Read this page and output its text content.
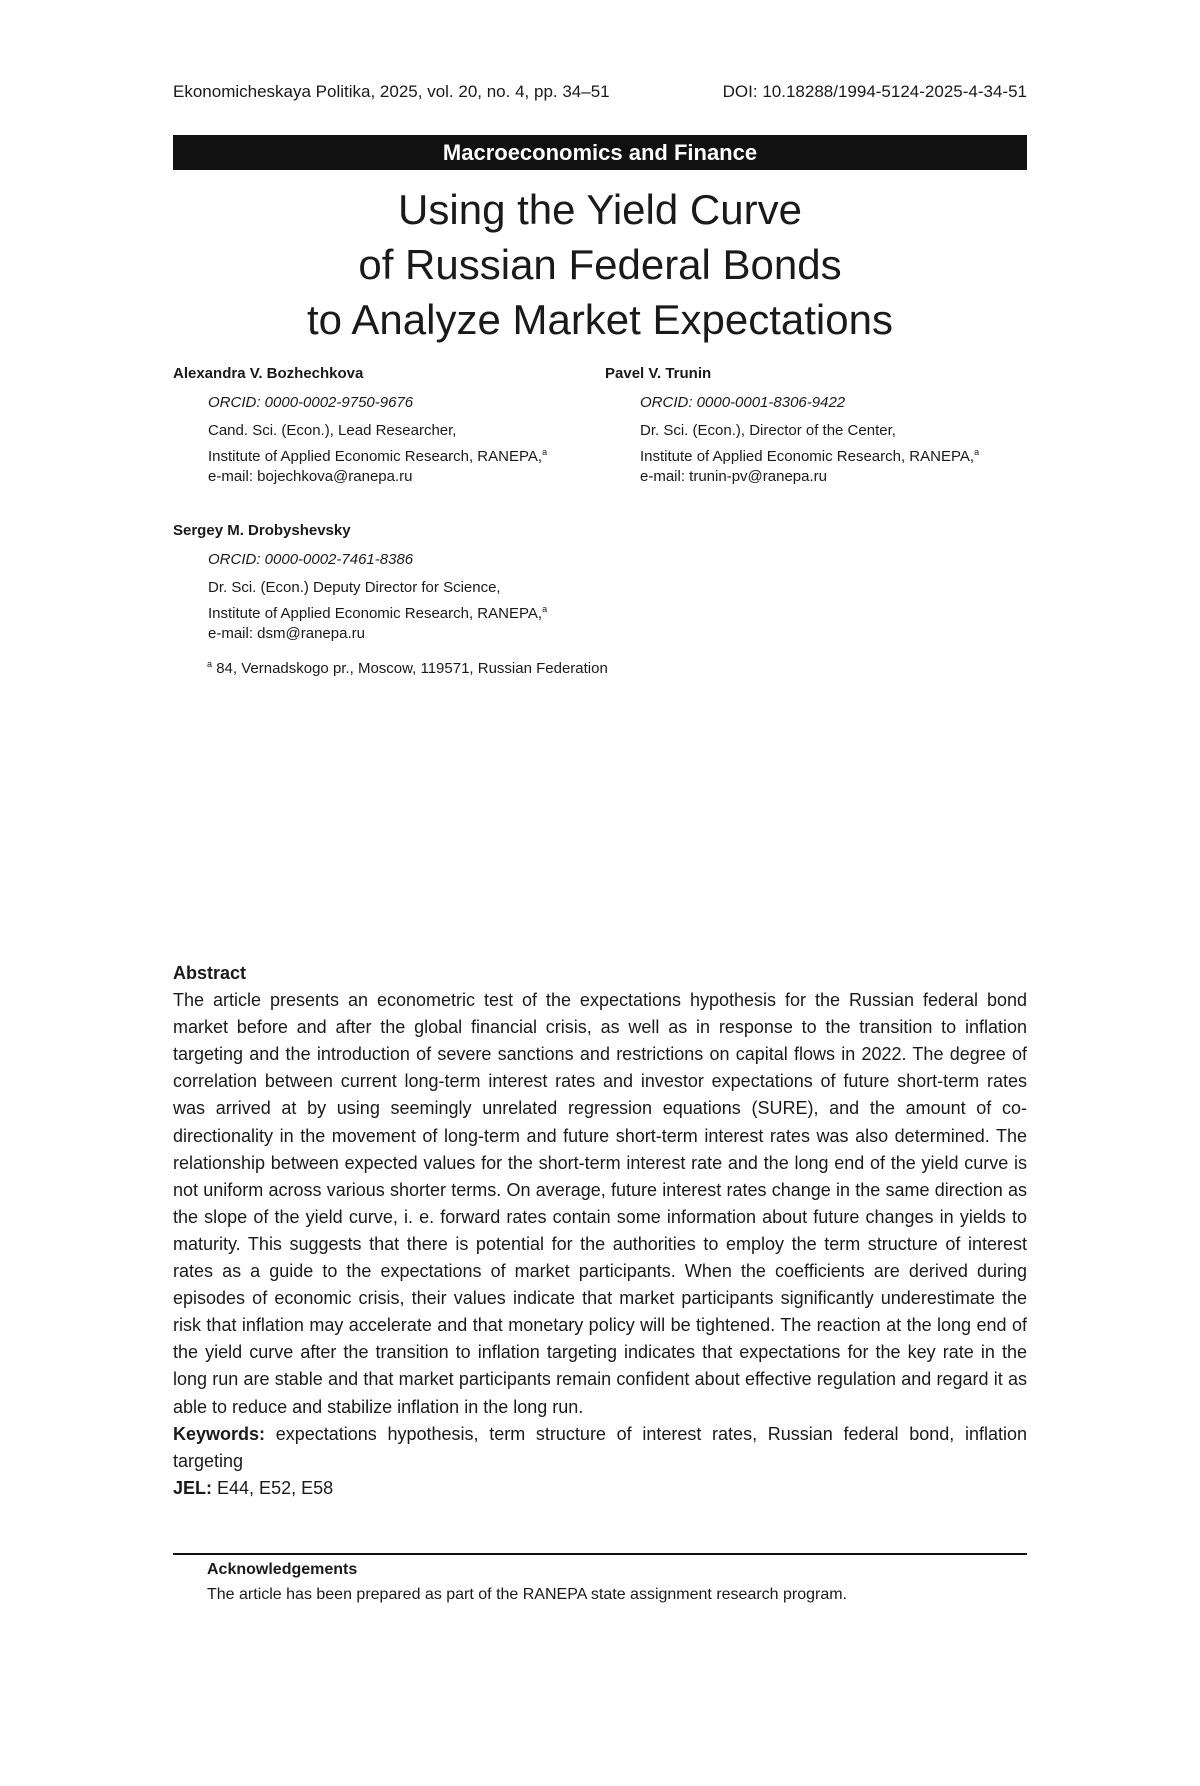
Ekonomicheskaya Politika, 2025, vol. 20, no. 4, pp. 34–51	DOI: 10.18288/1994-5124-2025-4-34-51
Macroeconomics and Finance
Using the Yield Curve
of Russian Federal Bonds
to Analyze Market Expectations
Alexandra V. Bozhechkova
ORCID: 0000-0002-9750-9676
Cand. Sci. (Econ.), Lead Researcher,
Institute of Applied Economic Research, RANEPA,$^a$
e-mail: bojechkova@ranepa.ru
Pavel V. Trunin
ORCID: 0000-0001-8306-9422
Dr. Sci. (Econ.), Director of the Center,
Institute of Applied Economic Research, RANEPA,$^a$
e-mail: trunin-pv@ranepa.ru
Sergey M. Drobyshevsky
ORCID: 0000-0002-7461-8386
Dr. Sci. (Econ.) Deputy Director for Science,
Institute of Applied Economic Research, RANEPA,$^a$
e-mail: dsm@ranepa.ru
$^a$ 84, Vernadskogo pr., Moscow, 119571, Russian Federation
Abstract

The article presents an econometric test of the expectations hypothesis for the Russian federal bond market before and after the global financial crisis, as well as in response to the transition to inflation targeting and the introduction of severe sanctions and restrictions on capital flows in 2022. The degree of correlation between current long-term interest rates and investor expectations of future short-term rates was arrived at by using seemingly unrelated regression equations (SURE), and the amount of co-directionality in the movement of long-term and future short-term interest rates was also determined. The relationship between expected values for the short-term interest rate and the long end of the yield curve is not uniform across various shorter terms. On average, future interest rates change in the same direction as the slope of the yield curve, i. e. forward rates contain some information about future changes in yields to maturity. This suggests that there is potential for the authorities to employ the term structure of interest rates as a guide to the expectations of market participants. When the coefficients are derived during episodes of economic crisis, their values indicate that market participants significantly underestimate the risk that inflation may accelerate and that monetary policy will be tightened. The reaction at the long end of the yield curve after the transition to inflation targeting indicates that expectations for the key rate in the long run are stable and that market participants remain confident about effective regulation and regard it as able to reduce and stabilize inflation in the long run.

Keywords: expectations hypothesis, term structure of interest rates, Russian federal bond, inflation targeting

JEL: E44, E52, E58

Acknowledgements
The article has been prepared as part of the RANEPA state assignment research program.
